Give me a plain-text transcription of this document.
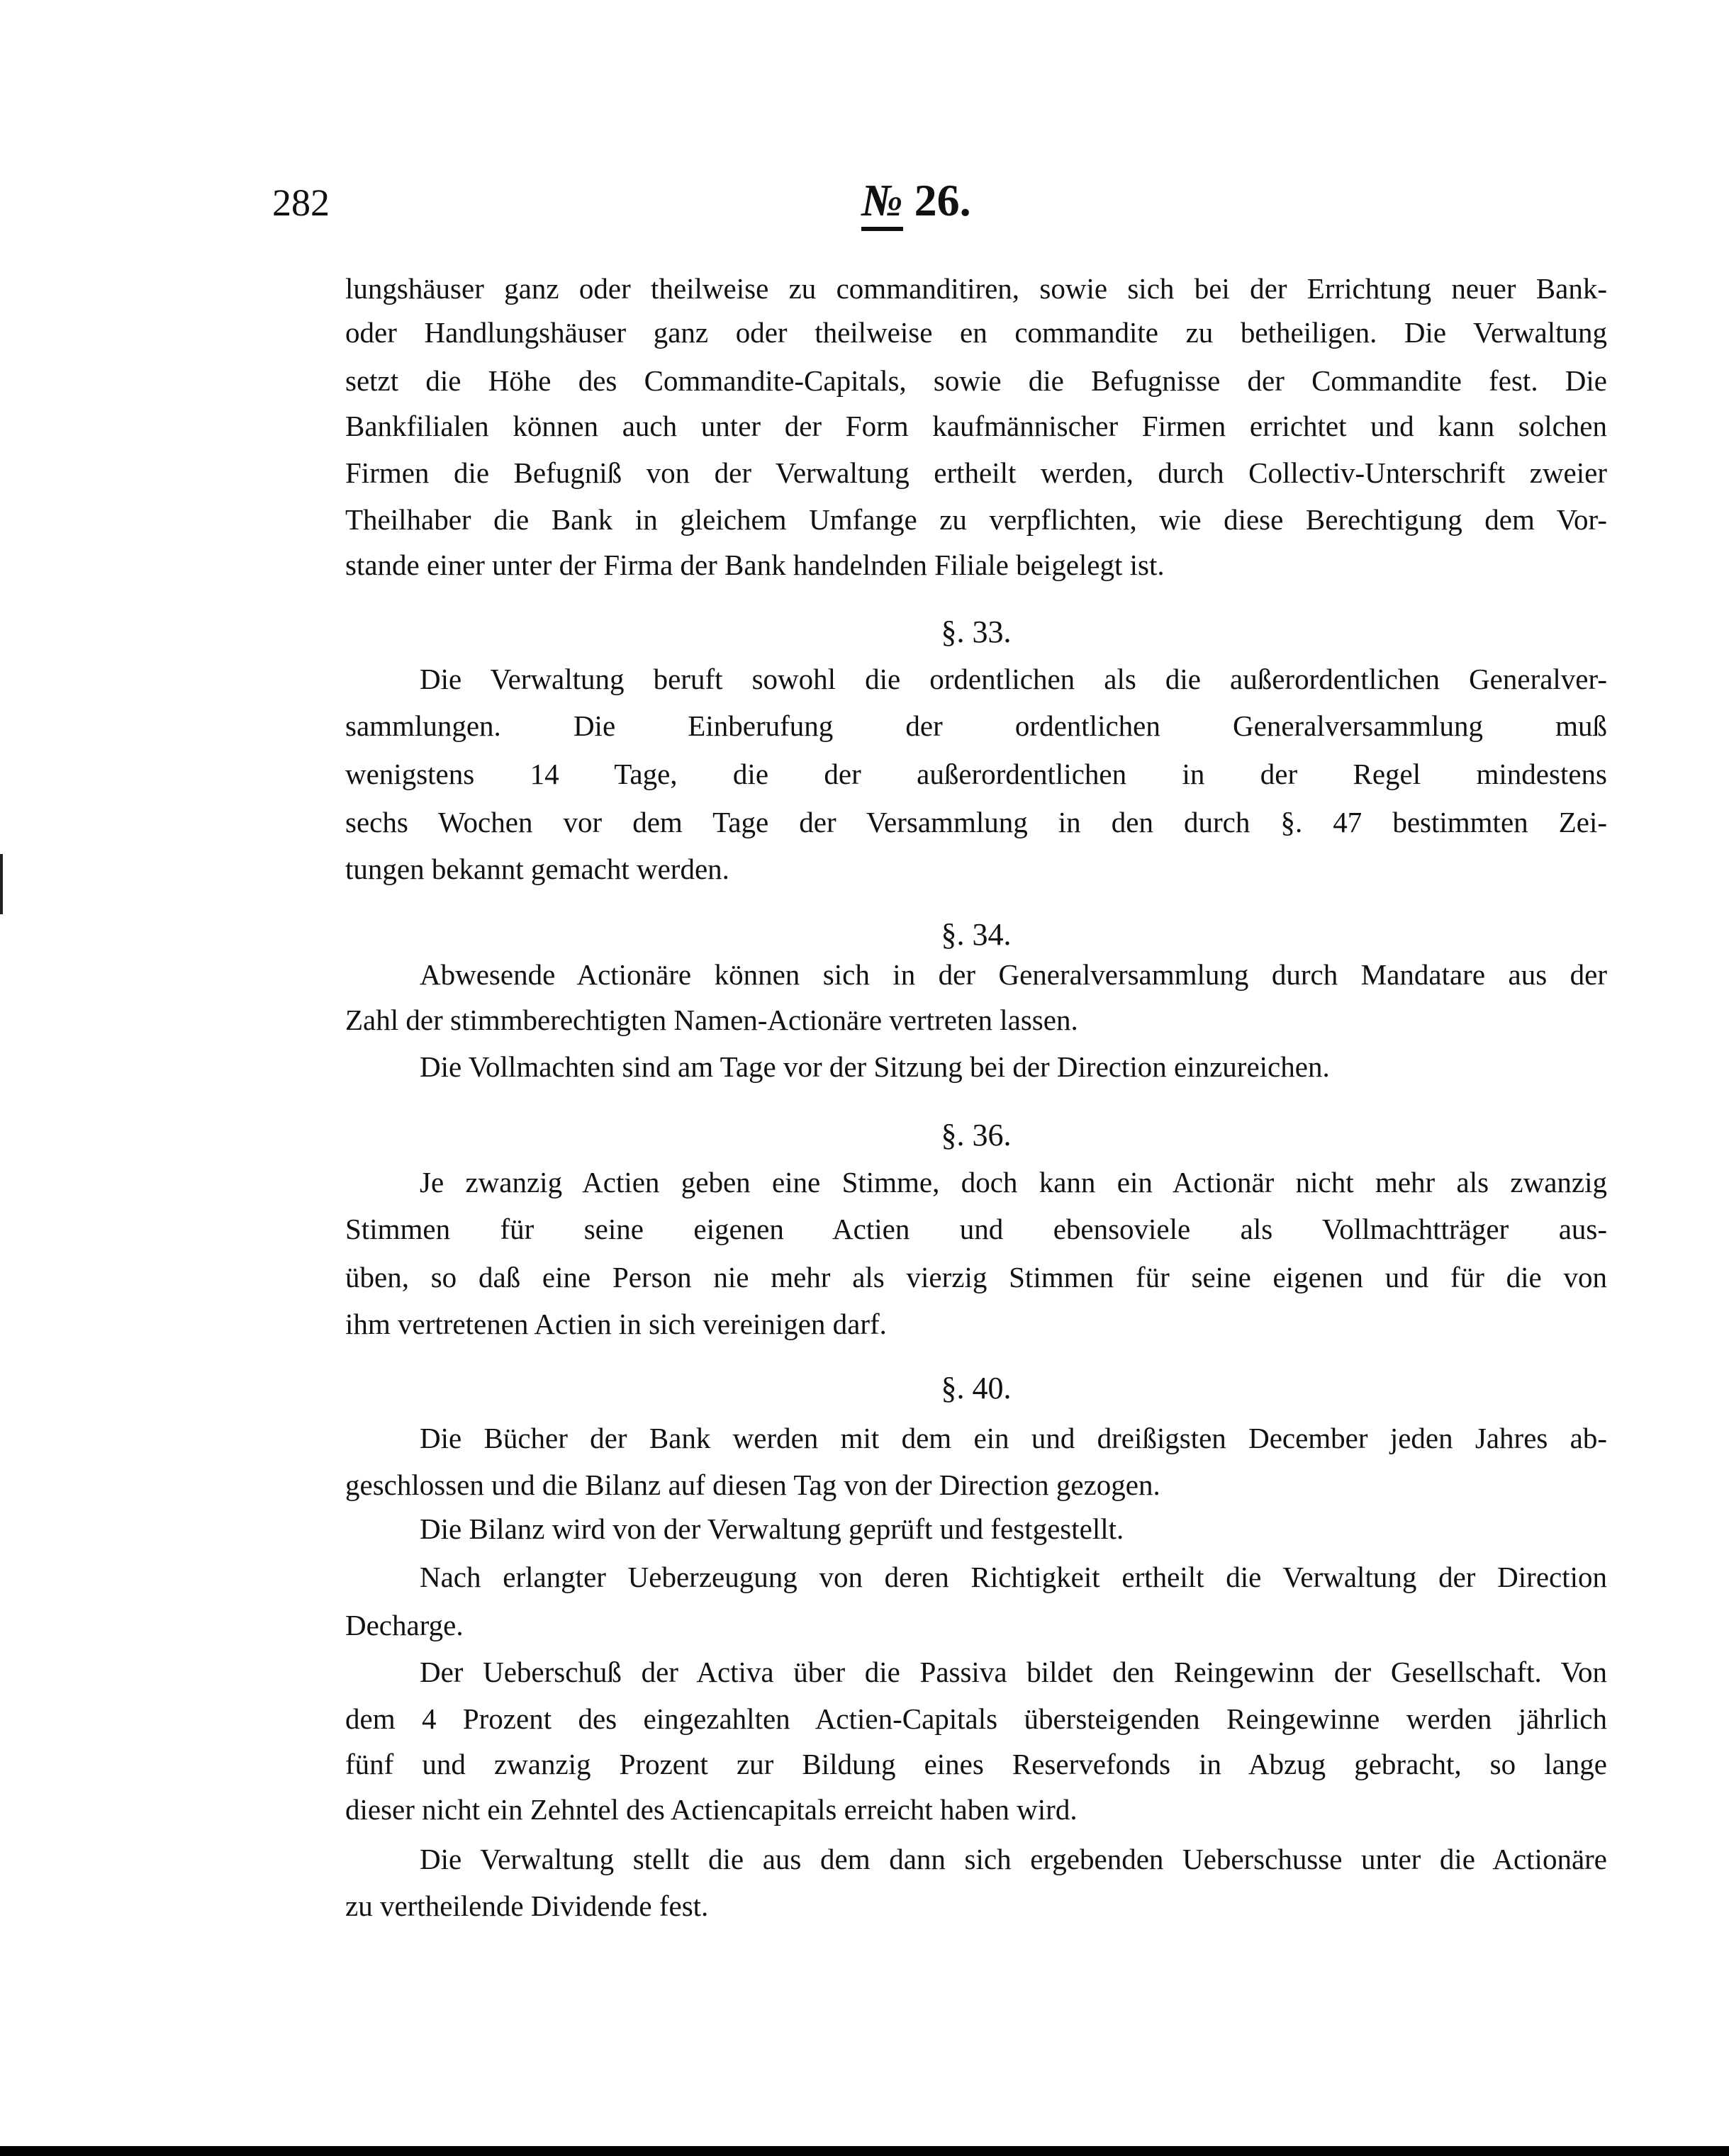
282	№ 26.
lungshäuser ganz oder theilweise zu commanditiren, sowie sich bei der Errichtung neuer Bank-
oder Handlungshäuser ganz oder theilweise en commandite zu betheiligen. Die Verwaltung
setzt die Höhe des Commandite-Capitals, sowie die Befugnisse der Commandite fest. Die
Bankfilialen können auch unter der Form kaufmännischer Firmen errichtet und kann solchen
Firmen die Befugniß von der Verwaltung ertheilt werden, durch Collectiv-Unterschrift zweier
Theilhaber die Bank in gleichem Umfange zu verpflichten, wie diese Berechtigung dem Vor-
stande einer unter der Firma der Bank handelnden Filiale beigelegt ist.
§. 33.
Die Verwaltung beruft sowohl die ordentlichen als die außerordentlichen Generalver-
sammlungen. Die Einberufung der ordentlichen Generalversammlung muß
wenigstens 14 Tage, die der außerordentlichen in der Regel mindestens
sechs Wochen vor dem Tage der Versammlung in den durch §. 47 bestimmten Zei-
tungen bekannt gemacht werden.
§. 34.
Abwesende Actionäre können sich in der Generalversammlung durch Mandatare aus der
Zahl der stimmberechtigten Namen-Actionäre vertreten lassen.
Die Vollmachten sind am Tage vor der Sitzung bei der Direction einzureichen.
§. 36.
Je zwanzig Actien geben eine Stimme, doch kann ein Actionär nicht mehr als zwanzig
Stimmen für seine eigenen Actien und ebensoviele als Vollmachtträger aus-
üben, so daß eine Person nie mehr als vierzig Stimmen für seine eigenen und für die von
ihm vertretenen Actien in sich vereinigen darf.
§. 40.
Die Bücher der Bank werden mit dem ein und dreißigsten December jeden Jahres ab-
geschlossen und die Bilanz auf diesen Tag von der Direction gezogen.
Die Bilanz wird von der Verwaltung geprüft und festgestellt.
Nach erlangter Ueberzeugung von deren Richtigkeit ertheilt die Verwaltung der Direction
Decharge.
Der Ueberschuß der Activa über die Passiva bildet den Reingewinn der Gesellschaft. Von
dem 4 Prozent des eingezahlten Actien-Capitals übersteigenden Reingewinne werden jährlich
fünf und zwanzig Prozent zur Bildung eines Reservefonds in Abzug gebracht, so lange
dieser nicht ein Zehntel des Actiencapitals erreicht haben wird.
Die Verwaltung stellt die aus dem dann sich ergebenden Ueberschusse unter die Actionäre
zu vertheilende Dividende fest.
